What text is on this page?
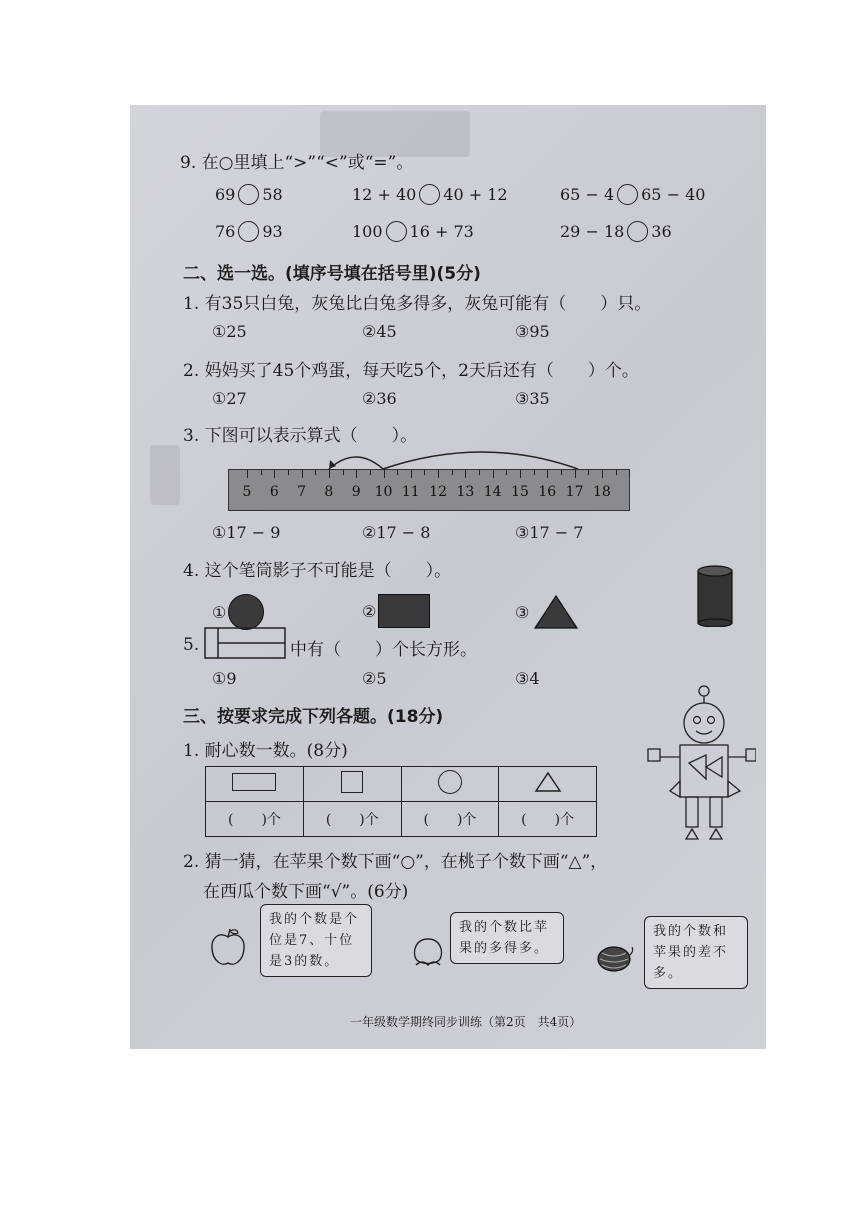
9. 在○里填上“>”“<”或“=”。
69 58	12 + 40 40 + 12	65 − 4 65 − 40
76 93	100 16 + 73	29 − 18 36
二、选一选。(填序号填在括号里)(5分)
1. 有35只白兔，灰兔比白兔多得多，灰兔可能有（　　）只。
①25	②45	③95
2. 妈妈买了45个鸡蛋，每天吃5个，2天后还有（　　）个。
①27	②36	③35
3. 下图可以表示算式（　　）。
5 6 7 8 9 10 11 12 13 14 15 16 17 18
①17 − 9	②17 − 8	③17 − 7
4. 这个笔筒影子不可能是（　　）。
①	②	③
5.	中有（　　）个长方形。
①9	②5	③4
三、按要求完成下列各题。(18分)
1. 耐心数一数。(8分)

(　　)个	(　　)个	(　　)个	(　　)个
2. 猜一猜，在苹果个数下画“○”，在桃子个数下画“△”，
在西瓜个数下画“√”。(6分)
我的个数是个位是7、十位是3的数。
我的个数比苹果的多得多。
我的个数和苹果的差不多。
一年级数学期终同步训练（第2页　共4页）
